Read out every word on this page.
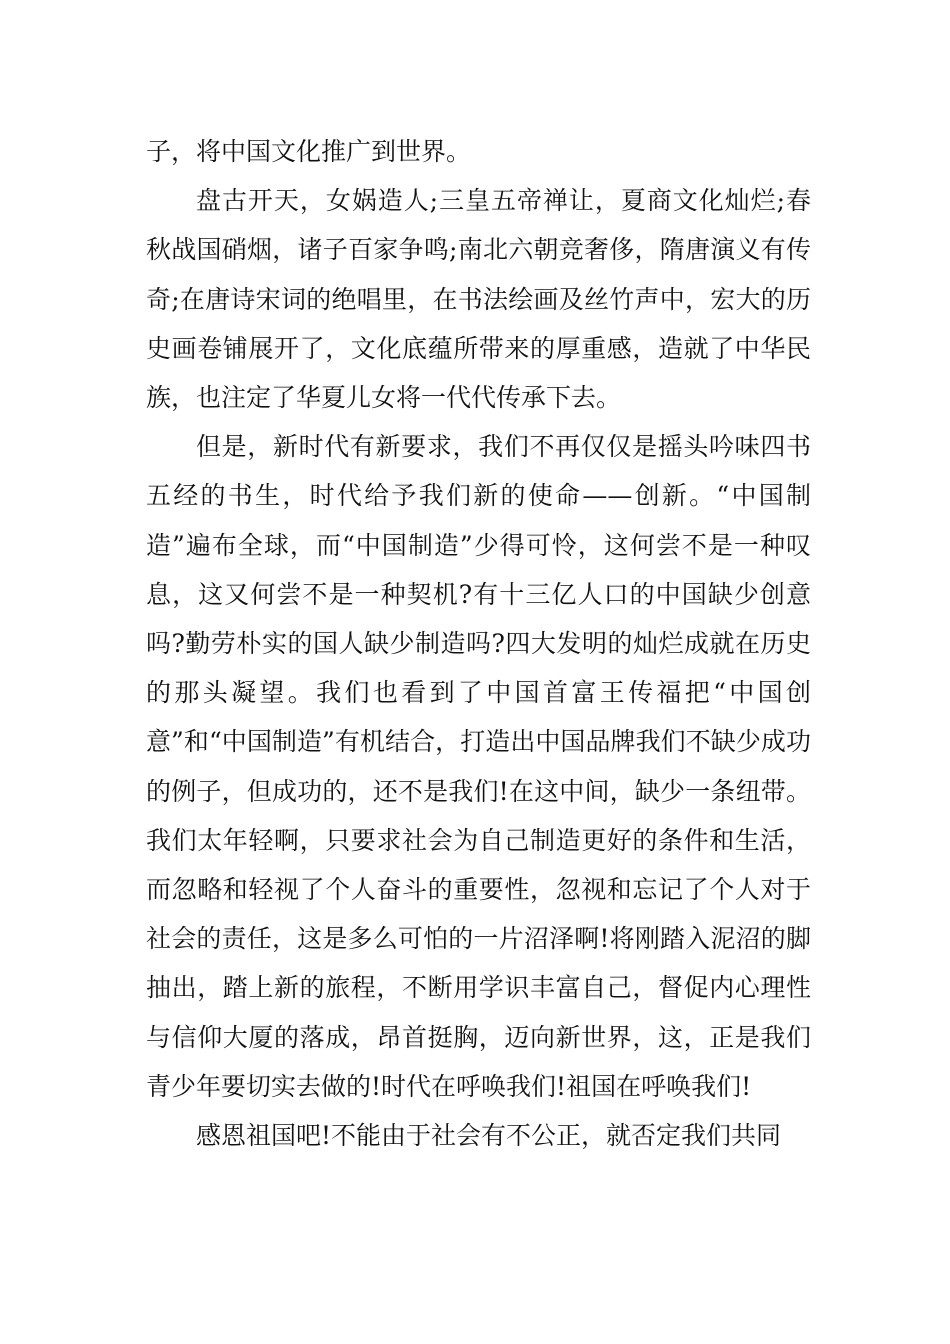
子，将中国文化推广到世界。

盘古开天，女娲造人;三皇五帝禅让，夏商文化灿烂;春秋战国硝烟，诸子百家争鸣;南北六朝竞奢侈，隋唐演义有传奇;在唐诗宋词的绝唱里，在书法绘画及丝竹声中，宏大的历史画卷铺展开了，文化底蕴所带来的厚重感，造就了中华民族，也注定了华夏儿女将一代代传承下去。

但是，新时代有新要求，我们不再仅仅是摇头吟味四书五经的书生，时代给予我们新的使命——创新。“中国制造”遍布全球，而“中国制造”少得可怜，这何尝不是一种叹息，这又何尝不是一种契机?有十三亿人口的中国缺少创意吗?勤劳朴实的国人缺少制造吗?四大发明的灿烂成就在历史的那头凝望。我们也看到了中国首富王传福把“中国创意”和“中国制造”有机结合，打造出中国品牌我们不缺少成功的例子，但成功的，还不是我们!在这中间，缺少一条纽带。我们太年轻啊，只要求社会为自己制造更好的条件和生活，而忽略和轻视了个人奋斗的重要性，忽视和忘记了个人对于社会的责任，这是多么可怕的一片沼泽啊!将刚踏入泥沼的脚抽出，踏上新的旅程，不断用学识丰富自己，督促内心理性与信仰大厦的落成，昂首挺胸，迈向新世界，这，正是我们青少年要切实去做的!时代在呼唤我们!祖国在呼唤我们!

感恩祖国吧!不能由于社会有不公正，就否定我们共同
